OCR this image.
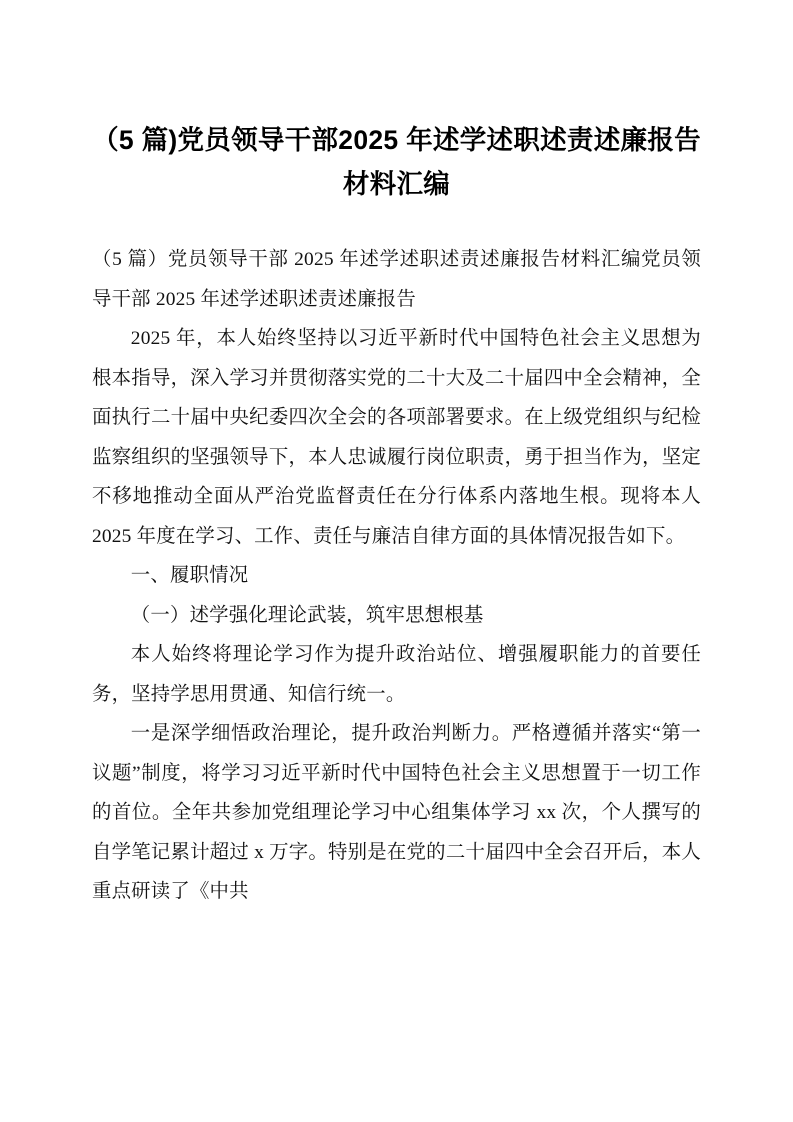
（5 篇)党员领导干部2025 年述学述职述责述廉报告材料汇编

（5 篇）党员领导干部 2025 年述学述职述责述廉报告材料汇编党员领导干部 2025 年述学述职述责述廉报告

2025 年，本人始终坚持以习近平新时代中国特色社会主义思想为根本指导，深入学习并贯彻落实党的二十大及二十届四中全会精神，全面执行二十届中央纪委四次全会的各项部署要求。在上级党组织与纪检监察组织的坚强领导下，本人忠诚履行岗位职责，勇于担当作为，坚定不移地推动全面从严治党监督责任在分行体系内落地生根。现将本人 2025 年度在学习、工作、责任与廉洁自律方面的具体情况报告如下。

一、履职情况

（一）述学强化理论武装，筑牢思想根基

本人始终将理论学习作为提升政治站位、增强履职能力的首要任务，坚持学思用贯通、知信行统一。

一是深学细悟政治理论，提升政治判断力。严格遵循并落实“第一议题”制度，将学习习近平新时代中国特色社会主义思想置于一切工作的首位。全年共参加党组理论学习中心组集体学习 xx 次，个人撰写的自学笔记累计超过 x 万字。特别是在党的二十届四中全会召开后，本人重点研读了《中共
